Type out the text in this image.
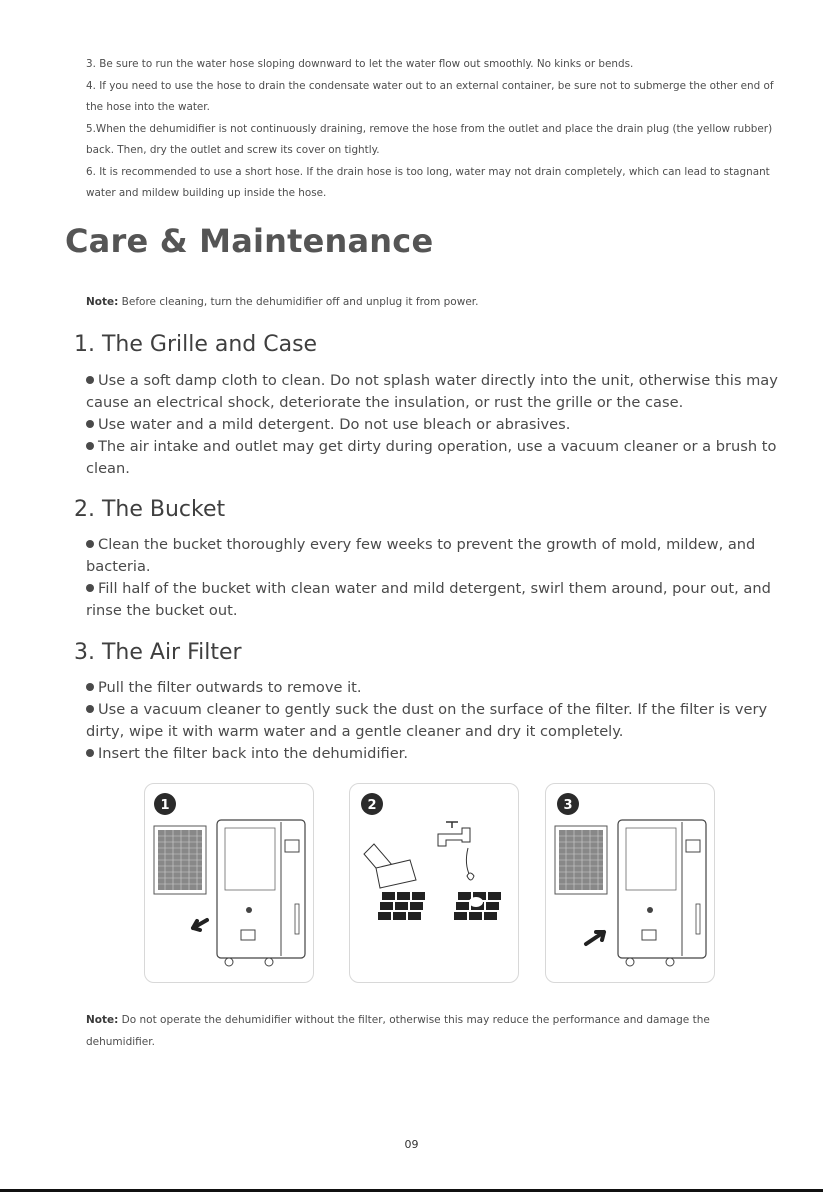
3. Be sure to run the water hose sloping downward to let the water flow out smoothly. No kinks or bends.

4. If you need to use the hose to drain the condensate water out to an external container, be sure not to submerge the other end of the hose into the water.

5.When the dehumidifier is not continuously draining, remove the hose from the outlet and place the drain plug (the yellow rubber) back. Then, dry the outlet and screw its cover on tightly.

6. It is recommended to use a short hose. If the drain hose is too long, water may not drain completely, which can lead to stagnant water and mildew building up inside the hose.

Care & Maintenance
Note: Before cleaning, turn the dehumidifier off and unplug it from power.
1. The Grille and Case

Use a soft damp cloth to clean. Do not splash water directly into the unit, otherwise this may cause an electrical shock, deteriorate the insulation, or rust the grille or the case.

Use water and a mild detergent. Do not use bleach or abrasives.

The air intake and outlet may get dirty during operation, use a vacuum cleaner or a brush to clean.

2. The Bucket

Clean the bucket thoroughly every few weeks to prevent the growth of mold, mildew, and bacteria.

Fill half of the bucket with clean water and mild detergent, swirl them around, pour out, and rinse the bucket out.

3. The Air Filter

Pull the filter outwards to remove it.

Use a vacuum cleaner to gently suck the dust on the surface of the filter. If the filter is very dirty, wipe it with warm water and a gentle cleaner and dry it completely.

Insert the filter back into the dehumidifier.

1	2	3
Note: Do not operate the dehumidifier without the filter, otherwise this may reduce the performance and damage the dehumidifier.
09
